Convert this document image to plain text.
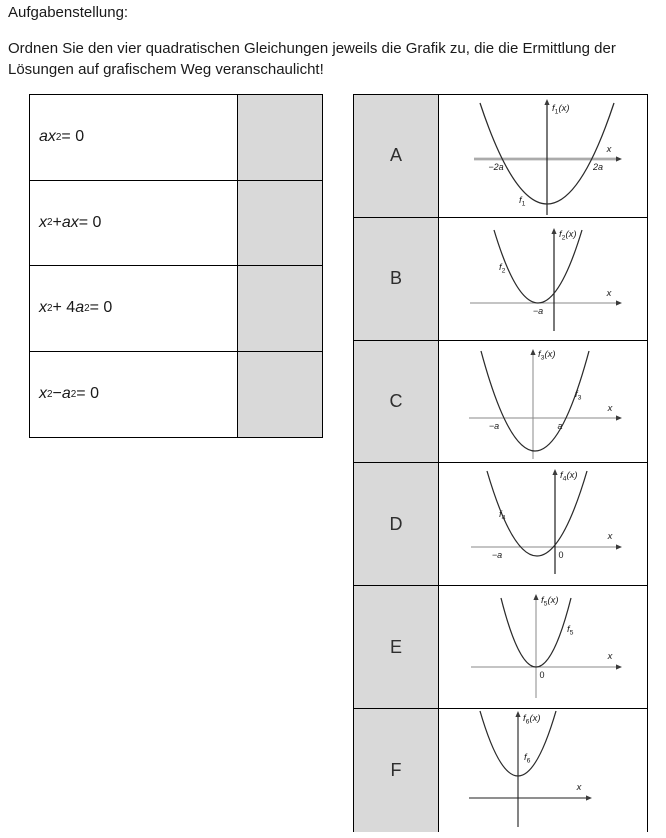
Aufgabenstellung:
Ordnen Sie den vier quadratischen Gleichungen jeweils die Grafik zu, die die Ermittlung der
Lösungen auf grafischem Weg veranschaulicht!
ax 2 = 0
x 2 + ax = 0
x 2 + 4 a 2 = 0
x 2 − a 2 = 0
A
$f_1(x)$
$f_1$
x
−2a	2a
B
$f_2(x)$
$f_2$
x
−a
C
$f_3(x)$
$f_3$
x
−a	a
D
$f_4(x)$
$f_4$
x
−a	0
E
$f_5(x)$
$f_5$
x
0
F
$f_6(x)$
$f_6$
x
